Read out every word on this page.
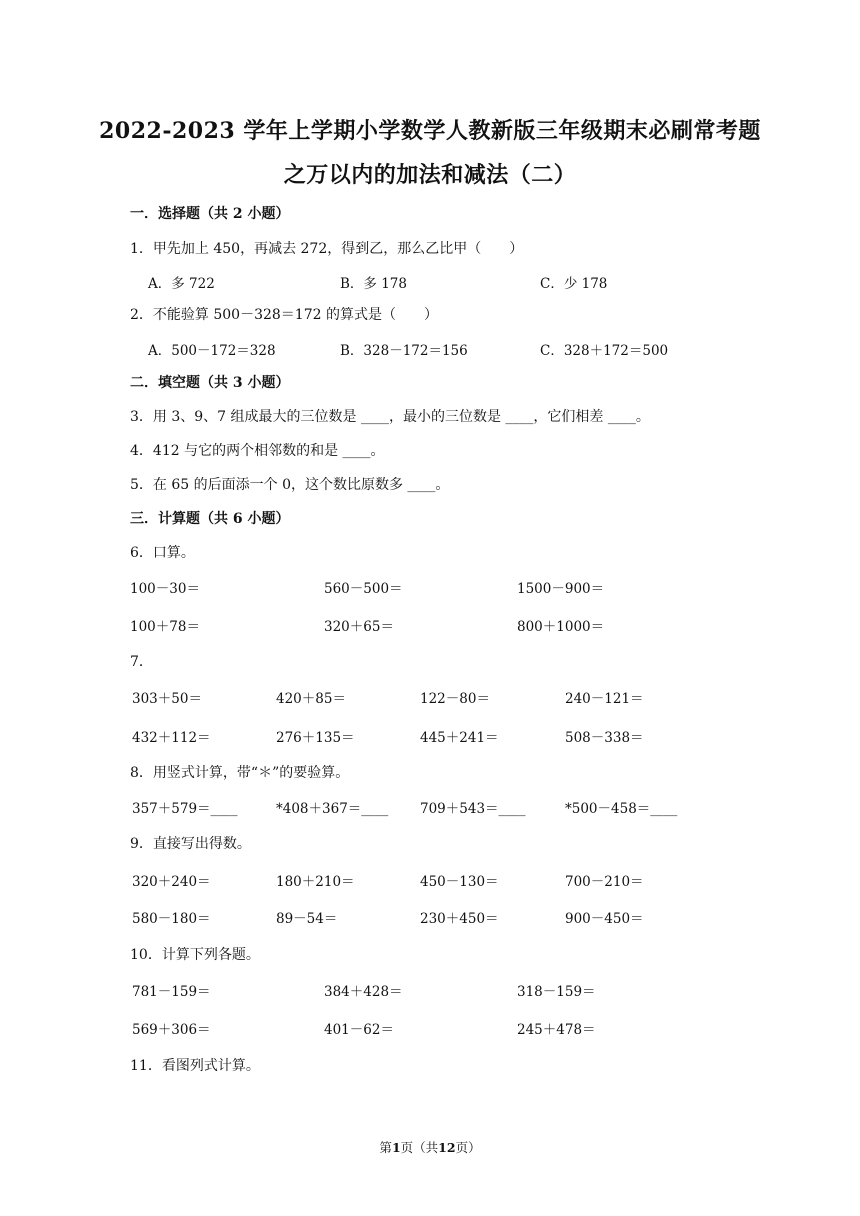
2022-2023 学年上学期小学数学人教新版三年级期末必刷常考题
之万以内的加法和减法（二）
一．选择题（共 2 小题）
1．甲先加上 450，再减去 272，得到乙，那么乙比甲（　　）
A．多 722	B．多 178	C．少 178
2．不能验算 500－328＝172 的算式是（　　）
A．500－172＝328	B．328－172＝156	C．328＋172＝500
二．填空题（共 3 小题）
3．用 3、9、7 组成最大的三位数是 ____，最小的三位数是 ____，它们相差 ____。
4．412 与它的两个相邻数的和是 ____。
5．在 65 的后面添一个 0，这个数比原数多 ____。
三．计算题（共 6 小题）
6．口算。
100－30＝	560－500＝	1500－900＝
100＋78＝	320＋65＝	800＋1000＝
7．
303＋50＝	420＋85＝	122－80＝	240－121＝
432＋112＝	276＋135＝	445＋241＝	508－338＝
8．用竖式计算，带“＊”的要验算。
357＋579＝____	*408＋367＝____ 709＋543＝____	*500－458＝____
9．直接写出得数。
320＋240＝	180＋210＝	450－130＝	700－210＝
580－180＝	89－54＝	230＋450＝	900－450＝
10．计算下列各题。
781－159＝	384＋428＝	318－159＝
569＋306＝	401－62＝	245＋478＝
11．看图列式计算。
第1页（共12页）
